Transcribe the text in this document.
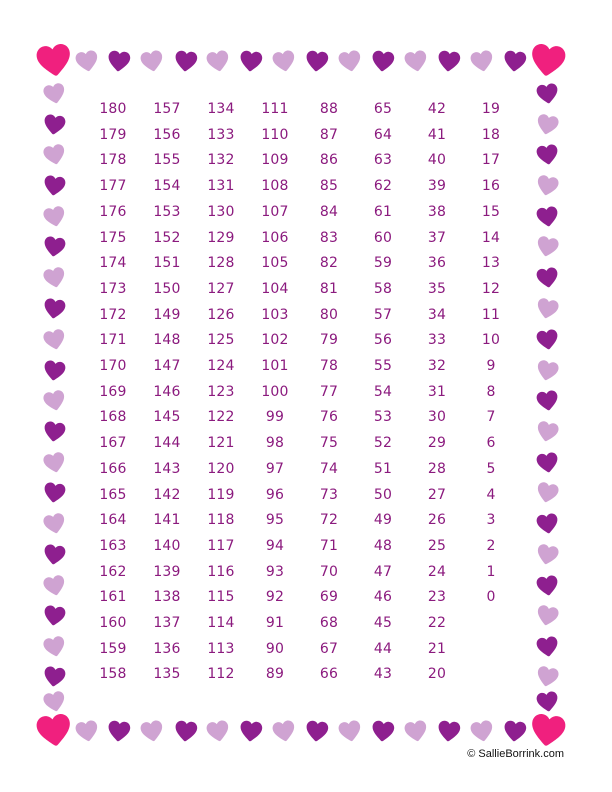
180
179
178
177
176
175
174
173
172
171
170
169
168
167
166
165
164
163
162
161
160
159
158
157
156
155
154
153
152
151
150
149
148
147
146
145
144
143
142
141
140
139
138
137
136
135
134
133
132
131
130
129
128
127
126
125
124
123
122
121
120
119
118
117
116
115
114
113
112
111
110
109
108
107
106
105
104
103
102
101
100
99
98
97
96
95
94
93
92
91
90
89
88
87
86
85
84
83
82
81
80
79
78
77
76
75
74
73
72
71
70
69
68
67
66
65
64
63
62
61
60
59
58
57
56
55
54
53
52
51
50
49
48
47
46
45
44
43
42
41
40
39
38
37
36
35
34
33
32
31
30
29
28
27
26
25
24
23
22
21
20
19
18
17
16
15
14
13
12
11
10
9
8
7
6
5
4
3
2
1
0
© SallieBorrink.com
